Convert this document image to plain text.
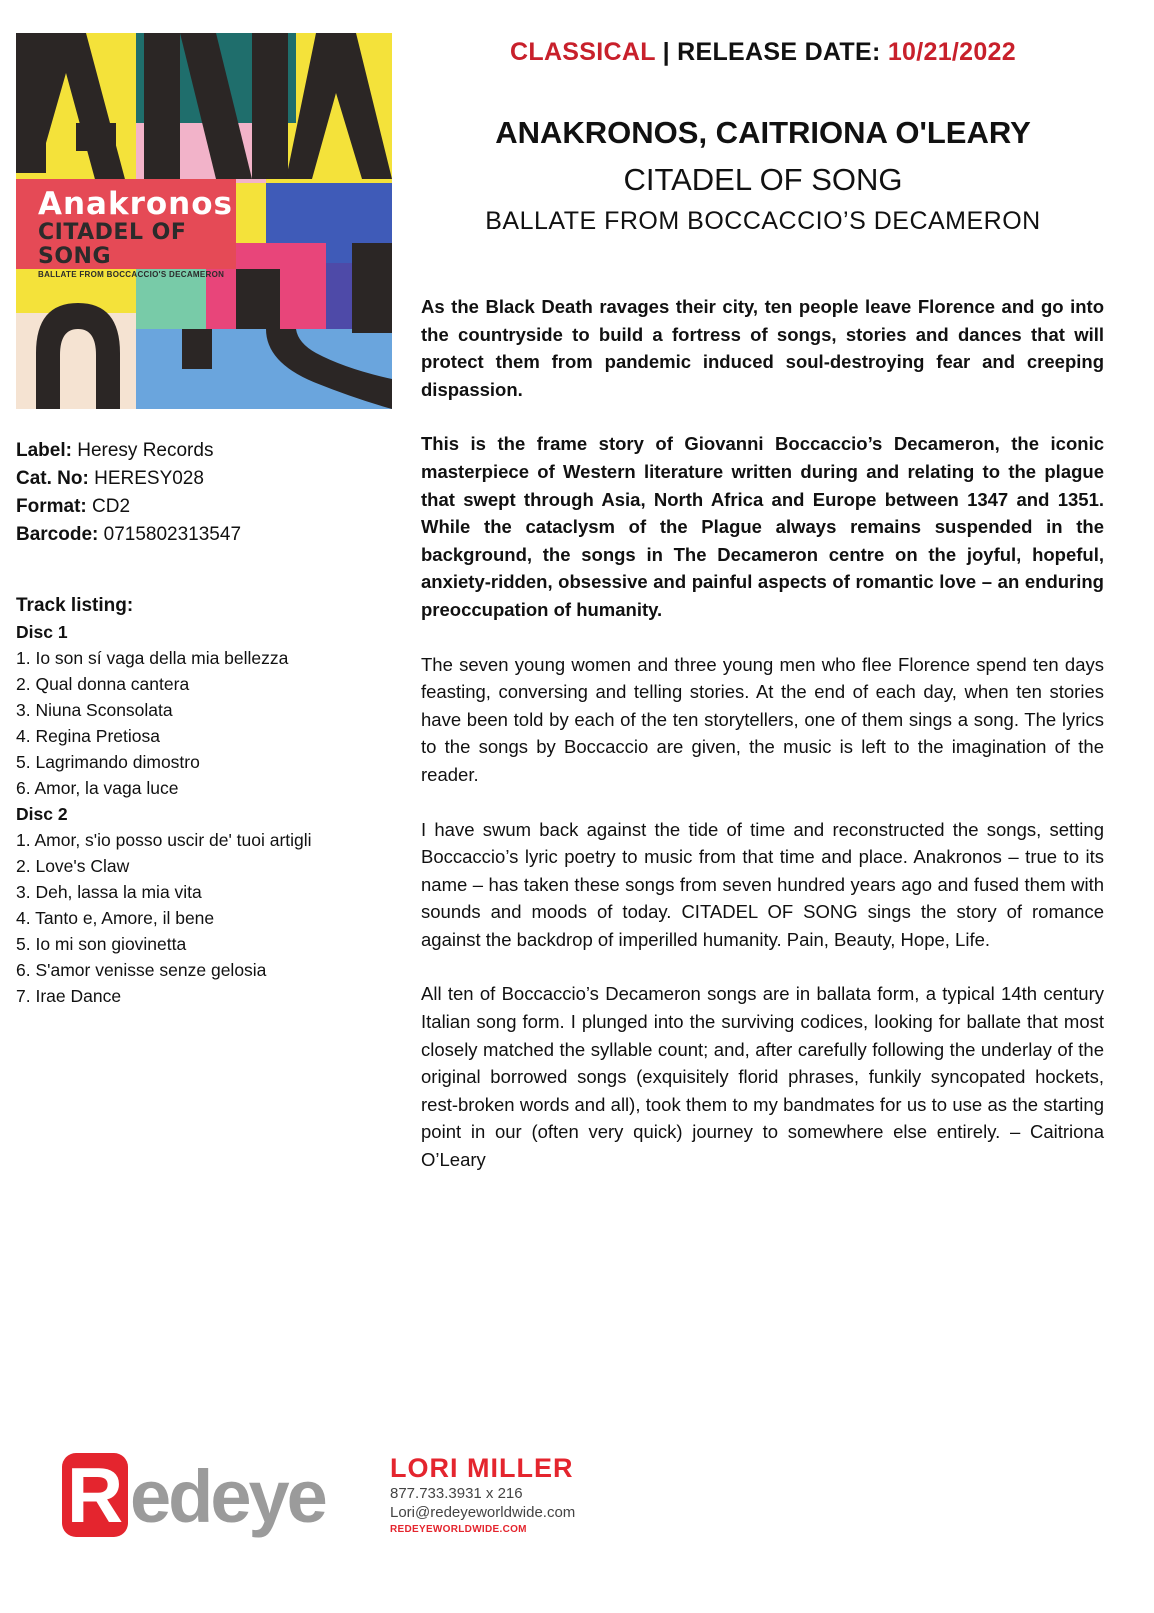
Anakronos
CITADEL OF SONG
BALLATE FROM BOCCACCIO'S DECAMERON
CLASSICAL | RELEASE DATE: 10/21/2022
ANAKRONOS, CAITRIONA O'LEARY
CITADEL OF SONG
BALLATE FROM BOCCACCIO’S DECAMERON
Label: Heresy Records
Cat. No: HERESY028
Format: CD2
Barcode: 0715802313547
Track listing:
Disc 1
1. Io son sí vaga della mia bellezza
2. Qual donna cantera
3. Niuna Sconsolata
4. Regina Pretiosa
5. Lagrimando dimostro
6. Amor, la vaga luce
Disc 2
1. Amor, s'io posso uscir de' tuoi artigli
2. Love's Claw
3. Deh, lassa la mia vita
4. Tanto e, Amore, il bene
5. Io mi son giovinetta
6. S'amor venisse senze gelosia
7. Irae Dance

As the Black Death ravages their city, ten people leave Florence and go into the countryside to build a fortress of songs, stories and dances that will protect them from pandemic induced soul-destroying fear and creeping dispassion.

This is the frame story of Giovanni Boccaccio’s Decameron, the iconic masterpiece of Western literature written during and relating to the plague that swept through Asia, North Africa and Europe between 1347 and 1351. While the cataclysm of the Plague always remains suspended in the background, the songs in The Decameron centre on the joyful, hopeful, anxiety-ridden, obsessive and painful aspects of romantic love – an enduring preoccupation of humanity.

The seven young women and three young men who flee Florence spend ten days feasting, conversing and telling stories. At the end of each day, when ten stories have been told by each of the ten storytellers, one of them sings a song. The lyrics to the songs by Boccaccio are given, the music is left to the imagination of the reader.

I have swum back against the tide of time and reconstructed the songs, setting Boccaccio’s lyric poetry to music from that time and place. Anakronos – true to its name – has taken these songs from seven hundred years ago and fused them with sounds and moods of today. CITADEL OF SONG sings the story of romance against the backdrop of imperilled humanity. Pain, Beauty, Hope, Life.

All ten of Boccaccio’s Decameron songs are in ballata form, a typical 14th century Italian song form. I plunged into the surviving codices, looking for ballate that most closely matched the syllable count; and, after carefully following the underlay of the original borrowed songs (exquisitely florid phrases, funkily syncopated hockets, rest-broken words and all), took them to my bandmates for us to use as the starting point in our (often very quick) journey to somewhere else entirely. – Caitriona O’Leary

R edeye LORI MILLER
877.733.3931 x 216
Lori@redeyeworldwide.com
REDEYEWORLDWIDE.COM
